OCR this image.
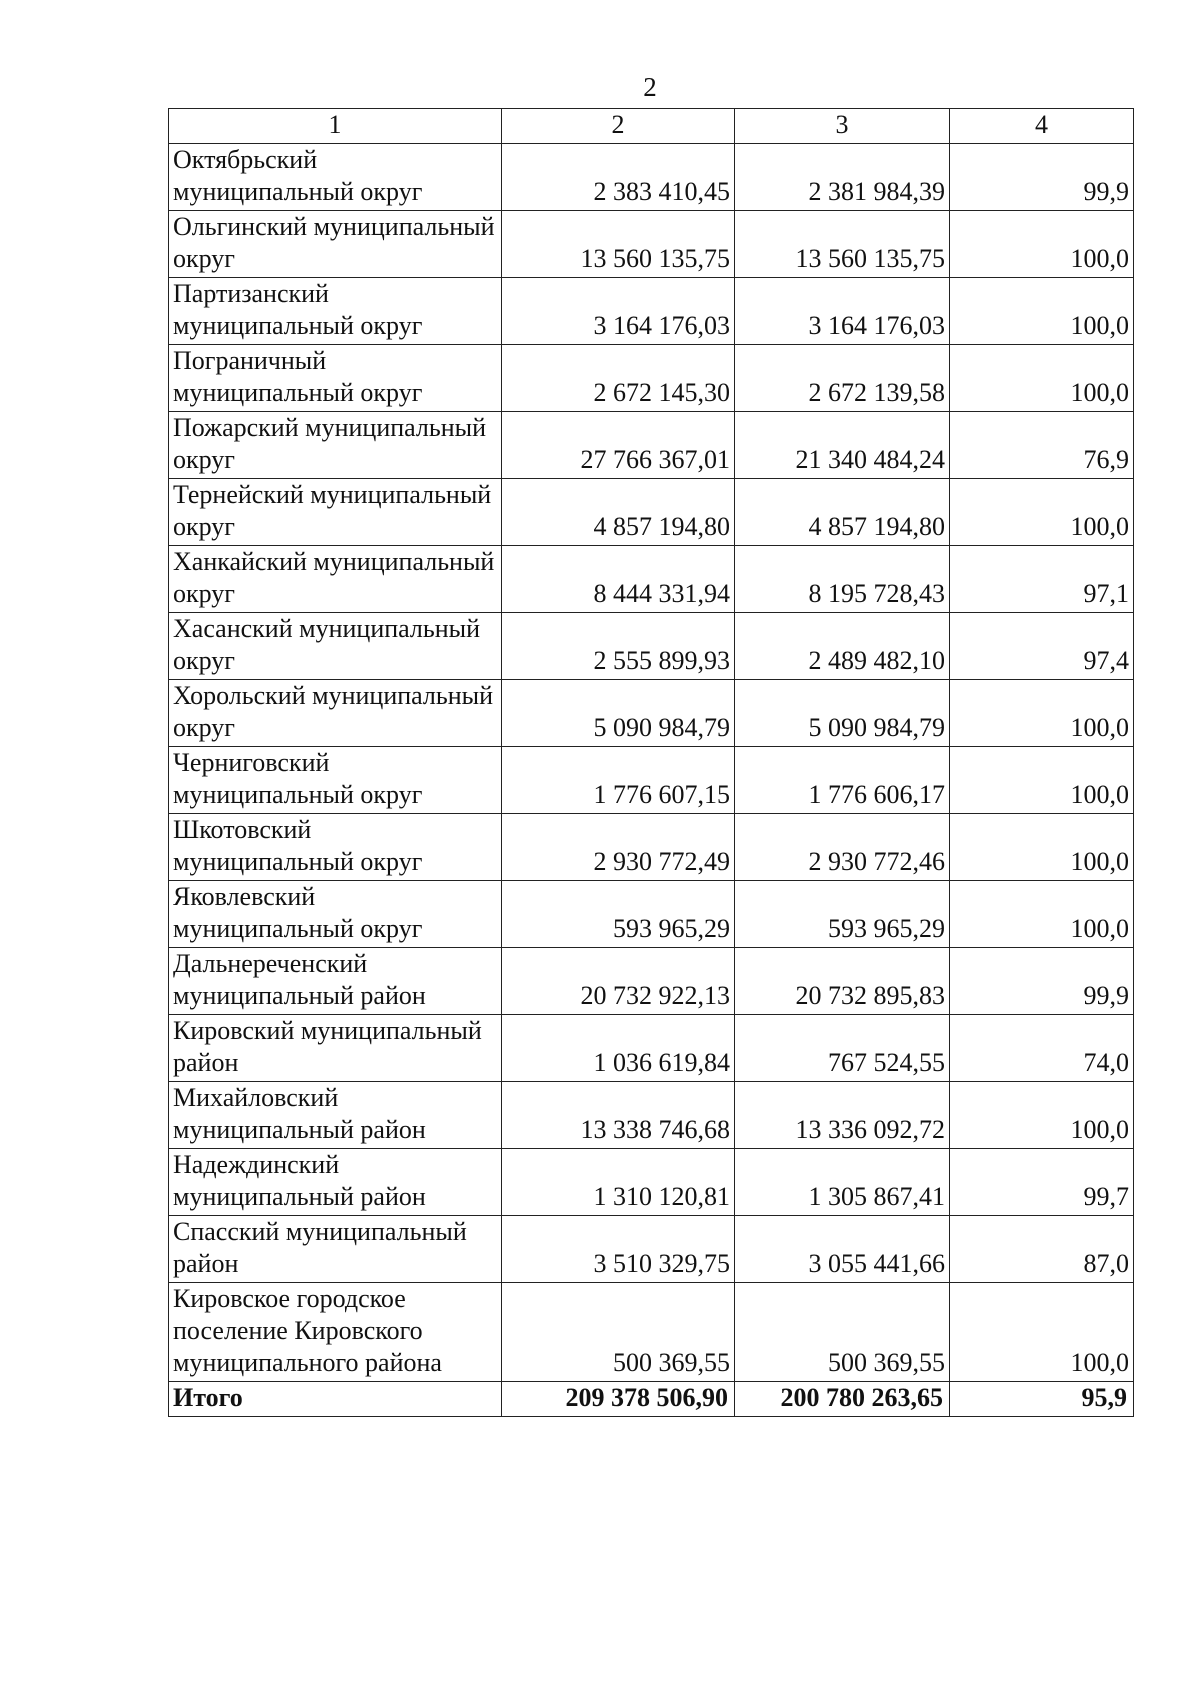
2
1	2	3	4
Октябрьский муниципальный округ	2 383 410,45	2 381 984,39	99,9
Ольгинский муниципальный округ	13 560 135,75	13 560 135,75	100,0
Партизанский муниципальный округ	3 164 176,03	3 164 176,03	100,0
Пограничный муниципальный округ	2 672 145,30	2 672 139,58	100,0
Пожарский муниципальный округ	27 766 367,01	21 340 484,24	76,9
Тернейский муниципальный округ	4 857 194,80	4 857 194,80	100,0
Ханкайский муниципальный округ	8 444 331,94	8 195 728,43	97,1
Хасанский муниципальный округ	2 555 899,93	2 489 482,10	97,4
Хорольский муниципальный округ	5 090 984,79	5 090 984,79	100,0
Черниговский муниципальный округ	1 776 607,15	1 776 606,17	100,0
Шкотовский муниципальный округ	2 930 772,49	2 930 772,46	100,0
Яковлевский муниципальный округ	593 965,29	593 965,29	100,0
Дальнереченский муниципальный район	20 732 922,13	20 732 895,83	99,9
Кировский муниципальный район	1 036 619,84	767 524,55	74,0
Михайловский муниципальный район	13 338 746,68	13 336 092,72	100,0
Надеждинский муниципальный район	1 310 120,81	1 305 867,41	99,7
Спасский муниципальный район	3 510 329,75	3 055 441,66	87,0
Кировское городское поселение Кировского муниципального района	500 369,55	500 369,55	100,0
Итого	209 378 506,90	200 780 263,65	95,9
